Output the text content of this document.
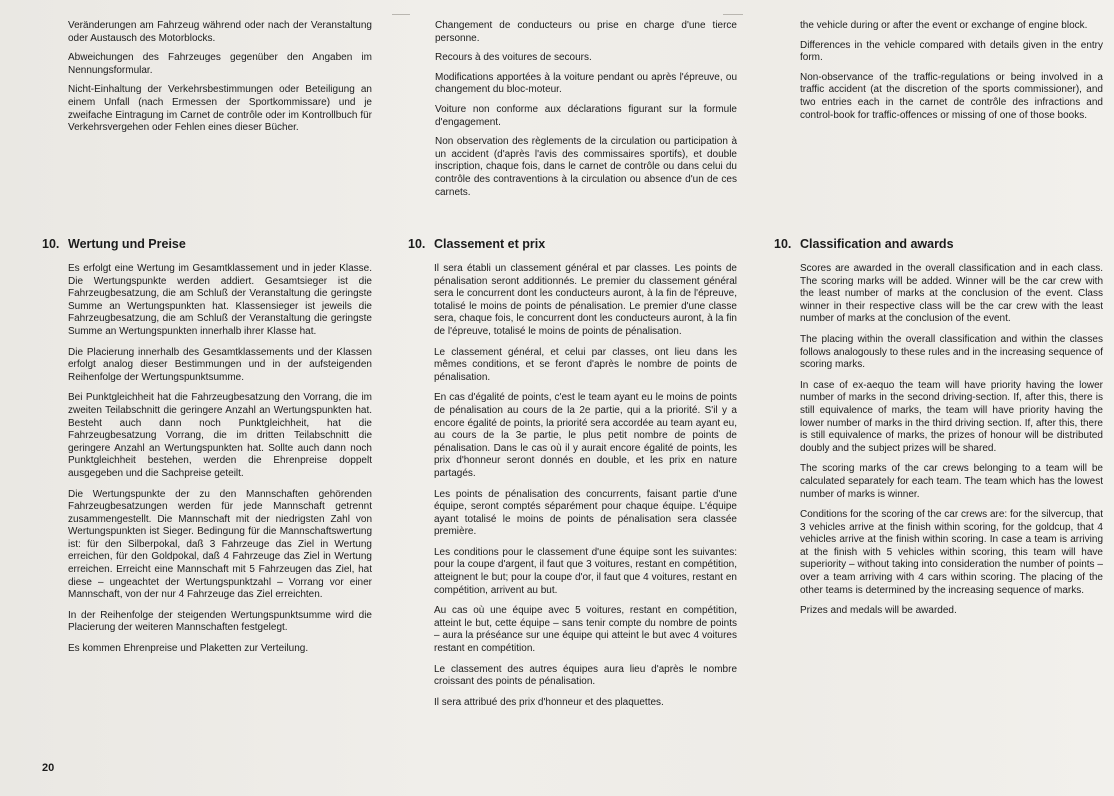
Veränderungen am Fahrzeug während oder nach der Veranstaltung oder Austausch des Motorblocks.

Abweichungen des Fahrzeuges gegenüber den Angaben im Nennungsformular.

Nicht-Einhaltung der Verkehrsbestimmungen oder Beteiligung an einem Unfall (nach Ermessen der Sportkommissare) und je zweifache Eintragung im Carnet de contrôle oder im Kontrollbuch für Verkehrsvergehen oder Fehlen eines dieser Bücher.

Changement de conducteurs ou prise en charge d'une tierce personne.

Recours à des voitures de secours.

Modifications apportées à la voiture pendant ou après l'épreuve, ou changement du bloc-moteur.

Voiture non conforme aux déclarations figurant sur la formule d'engagement.

Non observation des règlements de la circulation ou participation à un accident (d'après l'avis des commissaires sportifs), et double inscription, chaque fois, dans le carnet de contrôle ou dans celui du contrôle des contraventions à la circulation ou absence d'un de ces carnets.

the vehicle during or after the event or exchange of engine block.

Differences in the vehicle compared with details given in the entry form.

Non-observance of the traffic-regulations or being involved in a traffic accident (at the discretion of the sports commissioner), and two entries each in the carnet de contrôle des infractions and control-book for traffic-offences or missing of one of those books.

10. Wertung und Preise

Es erfolgt eine Wertung im Gesamtklassement und in jeder Klasse. Die Wertungspunkte werden addiert. Gesamtsieger ist die Fahrzeugbesatzung, die am Schluß der Veranstaltung die geringste Summe an Wertungspunkten hat. Klassensieger ist jeweils die Fahrzeugbesatzung, die am Schluß der Veranstaltung die geringste Summe an Wertungspunkten innerhalb ihrer Klasse hat.

Die Placierung innerhalb des Gesamtklassements und der Klassen erfolgt analog dieser Bestimmungen und in der aufsteigenden Reihenfolge der Wertungspunktsumme.

Bei Punktgleichheit hat die Fahrzeugbesatzung den Vorrang, die im zweiten Teilabschnitt die geringere Anzahl an Wertungspunkten hat. Besteht auch dann noch Punktgleichheit, hat die Fahrzeugbesatzung Vorrang, die im dritten Teilabschnitt die geringere Anzahl an Wertungspunkten hat. Sollte auch dann noch Punktgleichheit bestehen, werden die Ehrenpreise doppelt ausgegeben und die Sachpreise geteilt.

Die Wertungspunkte der zu den Mannschaften gehörenden Fahrzeugbesatzungen werden für jede Mannschaft getrennt zusammengestellt. Die Mannschaft mit der niedrigsten Zahl von Wertungspunkten ist Sieger. Bedingung für die Mannschaftswertung ist: für den Silberpokal, daß 3 Fahrzeuge das Ziel in Wertung erreichen, für den Goldpokal, daß 4 Fahrzeuge das Ziel in Wertung erreichen. Erreicht eine Mannschaft mit 5 Fahrzeugen das Ziel, hat diese – ungeachtet der Wertungspunktzahl – Vorrang vor einer Mannschaft, von der nur 4 Fahrzeuge das Ziel erreichten.

In der Reihenfolge der steigenden Wertungspunktsumme wird die Placierung der weiteren Mannschaften festgelegt.

Es kommen Ehrenpreise und Plaketten zur Verteilung.

10. Classement et prix

Il sera établi un classement général et par classes. Les points de pénalisation seront additionnés. Le premier du classement général sera le concurrent dont les conducteurs auront, à la fin de l'épreuve, totalisé le moins de points de pénalisation. Le premier d'une classe sera, chaque fois, le concurrent dont les conducteurs auront, à la fin de l'épreuve, totalisé le moins de points de pénalisation.

Le classement général, et celui par classes, ont lieu dans les mêmes conditions, et se feront d'après le nombre de points de pénalisation.

En cas d'égalité de points, c'est le team ayant eu le moins de points de pénalisation au cours de la 2e partie, qui a la priorité. S'il y a encore égalité de points, la priorité sera accordée au team ayant eu, au cours de la 3e partie, le plus petit nombre de points de pénalisation. Dans le cas où il y aurait encore égalité de points, les prix d'honneur seront donnés en double, et les prix en nature partagés.

Les points de pénalisation des concurrents, faisant partie d'une équipe, seront comptés séparément pour chaque équipe. L'équipe ayant totalisé le moins de points de pénalisation sera classée première.

Les conditions pour le classement d'une équipe sont les suivantes: pour la coupe d'argent, il faut que 3 voitures, restant en compétition, atteignent le but; pour la coupe d'or, il faut que 4 voitures, restant en compétition, arrivent au but.

Au cas où une équipe avec 5 voitures, restant en compétition, atteint le but, cette équipe – sans tenir compte du nombre de points – aura la préséance sur une équipe qui atteint le but avec 4 voitures restant en compétition.

Le classement des autres équipes aura lieu d'après le nombre croissant des points de pénalisation.

Il sera attribué des prix d'honneur et des plaquettes.

10. Classification and awards

Scores are awarded in the overall classification and in each class. The scoring marks will be added. Winner will be the car crew with the least number of marks at the conclusion of the event. Class winner in their respective class will be the car crew with the least number of marks at the conclusion of the event.

The placing within the overall classification and within the classes follows analogously to these rules and in the increasing sequence of scoring marks.

In case of ex-aequo the team will have priority having the lower number of marks in the second driving-section. If, after this, there is still equivalence of marks, the team will have priority having the lower number of marks in the third driving section. If, after this, there is still equivalence of marks, the prizes of honour will be distributed doubly and the subject prizes will be shared.

The scoring marks of the car crews belonging to a team will be calculated separately for each team. The team which has the lowest number of marks is winner.

Conditions for the scoring of the car crews are: for the silvercup, that 3 vehicles arrive at the finish within scoring, for the goldcup, that 4 vehicles arrive at the finish within scoring. In case a team is arriving at the finish with 5 vehicles within scoring, this team will have superiority – without taking into consideration the number of points – over a team arriving with 4 cars within scoring. The placing of the other teams is determined by the increasing sequence of marks.

Prizes and medals will be awarded.

20
